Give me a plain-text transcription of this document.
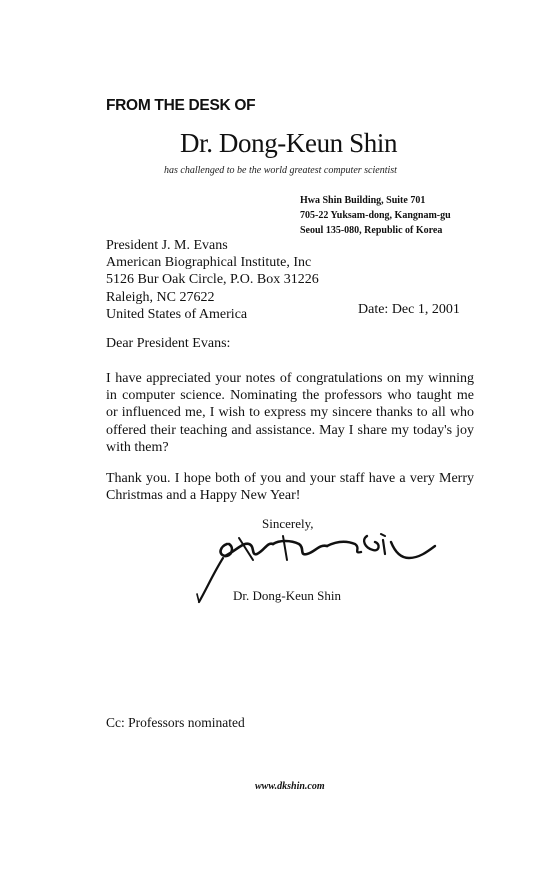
FROM THE DESK OF
Dr. Dong-Keun Shin
has challenged to be the world greatest computer scientist
Hwa Shin Building, Suite 701
705-22 Yuksam-dong, Kangnam-gu
Seoul 135-080, Republic of Korea
President J. M. Evans
American Biographical Institute, Inc
5126 Bur Oak Circle, P.O. Box 31226
Raleigh, NC 27622
United States of America	Date: Dec 1, 2001
Dear President Evans:
I have appreciated your notes of congratulations on my winning in computer science. Nominating the professors who taught me or influenced me, I wish to express my sincere thanks to all who offered their teaching and assistance. May I share my today's joy with them?
Thank you. I hope both of you and your staff have a very Merry Christmas and a Happy New Year!
Sincerely,
Dr. Dong-Keun Shin
Cc: Professors nominated
www.dkshin.com
